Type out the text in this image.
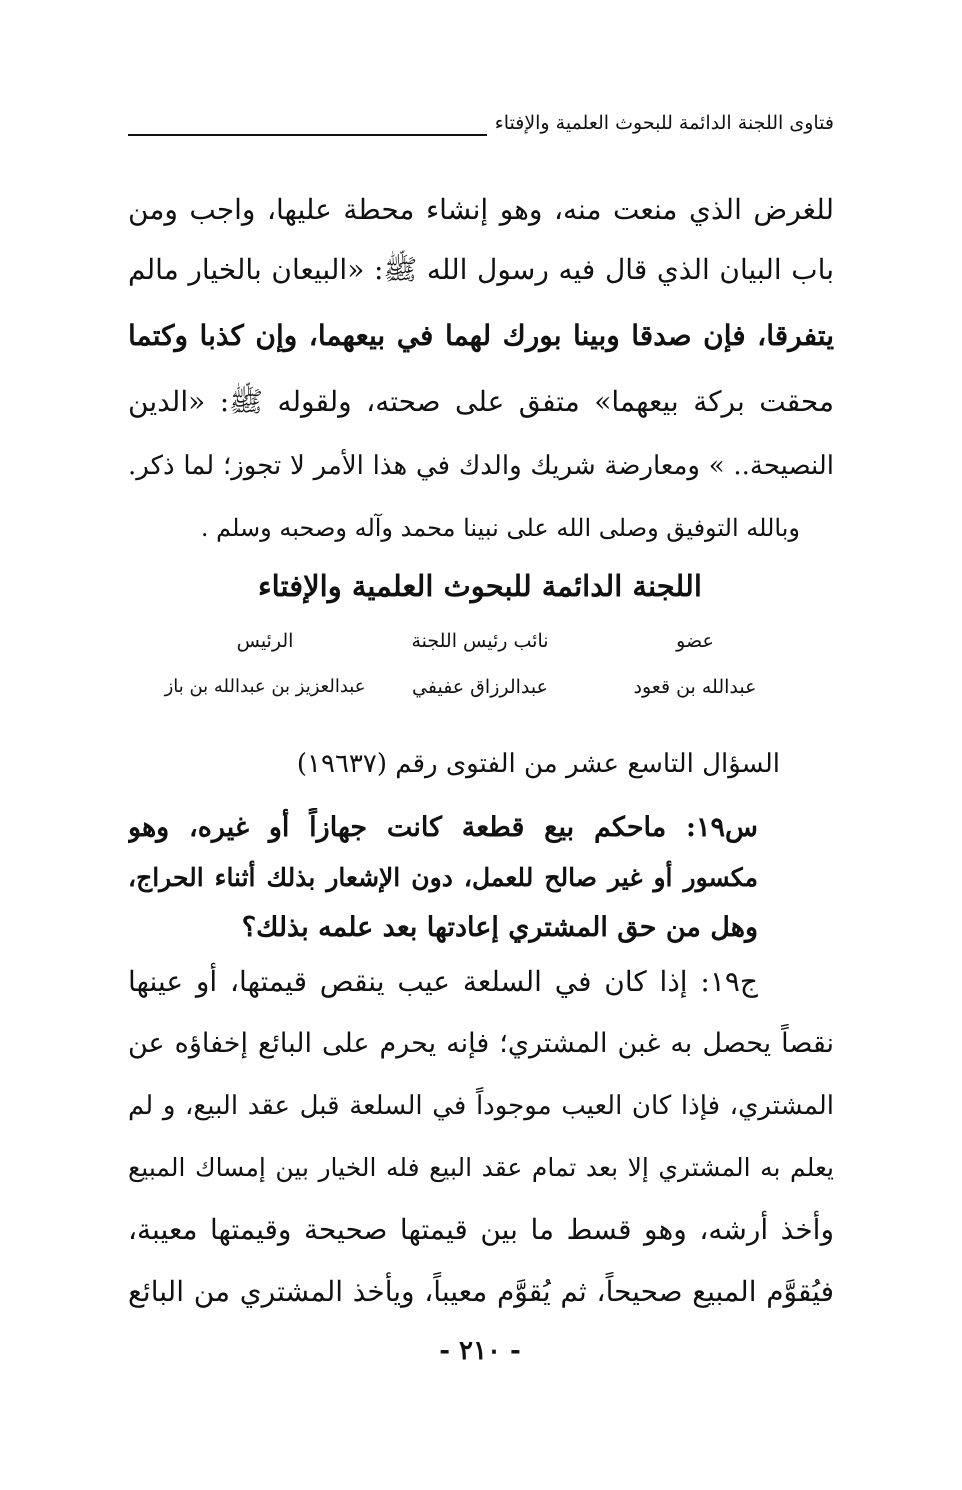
فتاوى اللجنة الدائمة للبحوث العلمية والإفتاء
للغرض الذي منعت منه، وهو إنشاء محطة عليها، واجب ومن
باب البيان الذي قال فيه رسول الله ﷺ: «البيعان بالخيار مالم
يتفرقا، فإن صدقا وبينا بورك لهما في بيعهما، وإن كذبا وكتما
محقت بركة بيعهما» متفق على صحته، ولقوله ﷺ: «الدين
النصيحة.. » ومعارضة شريك والدك في هذا الأمر لا تجوز؛ لما ذكر.
وبالله التوفيق وصلى الله على نبينا محمد وآله وصحبه وسلم .
اللجنة الدائمة للبحوث العلمية والإفتاء
عضو
نائب رئيس اللجنة
الرئيس
عبدالله بن قعود
عبدالرزاق عفيفي
عبدالعزيز بن عبدالله بن باز
السؤال التاسع عشر من الفتوى رقم (١٩٦٣٧)
س١٩: ماحكم بيع قطعة كانت جهازاً أو غيره، وهو
مكسور أو غير صالح للعمل، دون الإشعار بذلك أثناء الحراج،
وهل من حق المشتري إعادتها بعد علمه بذلك؟
ج١٩: إذا كان في السلعة عيب ينقص قيمتها، أو عينها
نقصاً يحصل به غبن المشتري؛ فإنه يحرم على البائع إخفاؤه عن
المشتري، فإذا كان العيب موجوداً في السلعة قبل عقد البيع، و لم
يعلم به المشتري إلا بعد تمام عقد البيع فله الخيار بين إمساك المبيع
وأخذ أرشه، وهو قسط ما بين قيمتها صحيحة وقيمتها معيبة،
فيُقوَّم المبيع صحيحاً، ثم يُقوَّم معيباً، ويأخذ المشتري من البائع
- ٢١٠ -
